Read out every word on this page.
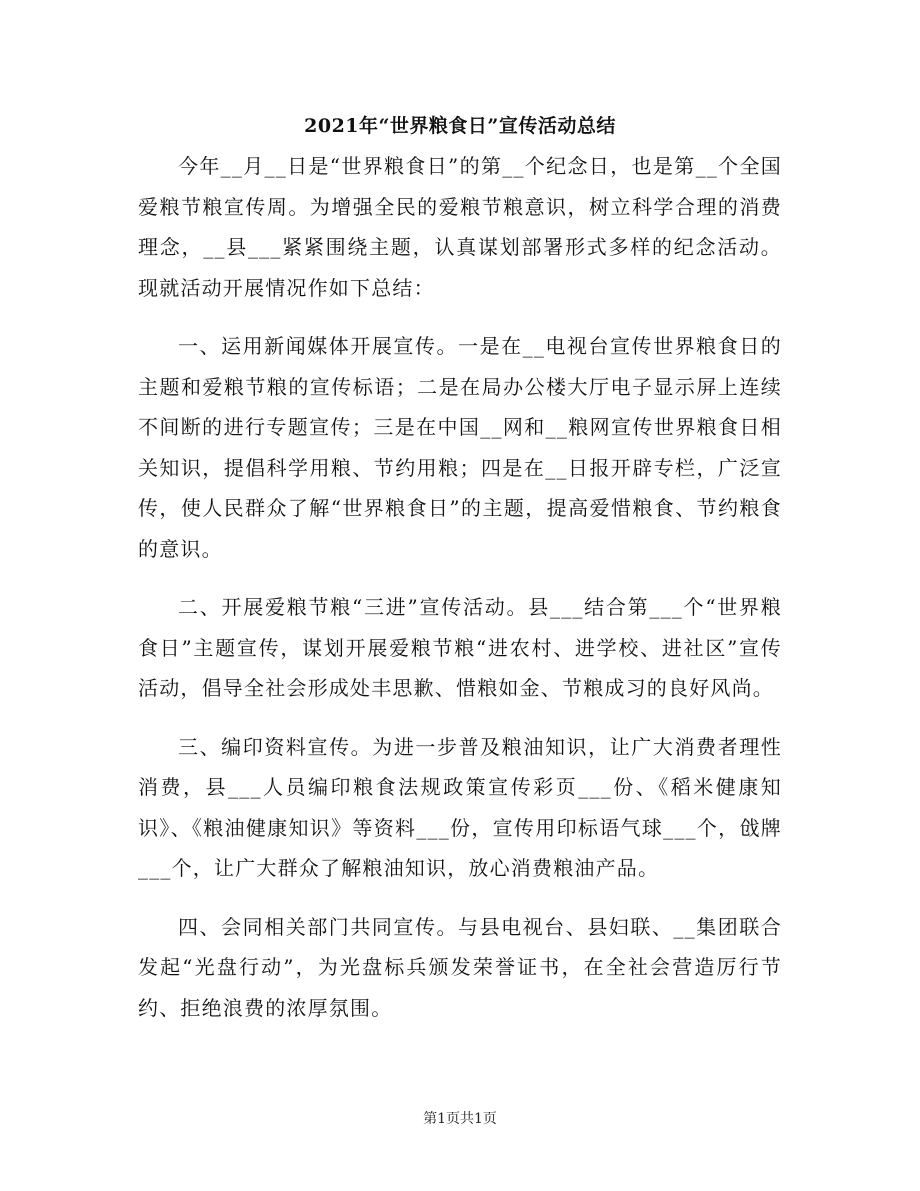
2021年“世界粮食日”宣传活动总结

今年__月__日是“世界粮食日”的第__个纪念日，也是第__个全国爱粮节粮宣传周。为增强全民的爱粮节粮意识，树立科学合理的消费理念，__县___紧紧围绕主题，认真谋划部署形式多样的纪念活动。现就活动开展情况作如下总结：

一、运用新闻媒体开展宣传。一是在__电视台宣传世界粮食日的主题和爱粮节粮的宣传标语；二是在局办公楼大厅电子显示屏上连续不间断的进行专题宣传；三是在中国__网和__粮网宣传世界粮食日相关知识，提倡科学用粮、节约用粮；四是在__日报开辟专栏，广泛宣传，使人民群众了解“世界粮食日”的主题，提高爱惜粮食、节约粮食的意识。

二、开展爱粮节粮“三进”宣传活动。县___结合第___个“世界粮食日”主题宣传，谋划开展爱粮节粮“进农村、进学校、进社区”宣传活动，倡导全社会形成处丰思歉、惜粮如金、节粮成习的良好风尚。

三、编印资料宣传。为进一步普及粮油知识，让广大消费者理性消费，县___人员编印粮食法规政策宣传彩页___份、《稻米健康知识》、《粮油健康知识》等资料___份，宣传用印标语气球___个，戗牌___个，让广大群众了解粮油知识，放心消费粮油产品。

四、会同相关部门共同宣传。与县电视台、县妇联、__集团联合发起“光盘行动”，为光盘标兵颁发荣誉证书，在全社会营造厉行节约、拒绝浪费的浓厚氛围。

第1页共1页
